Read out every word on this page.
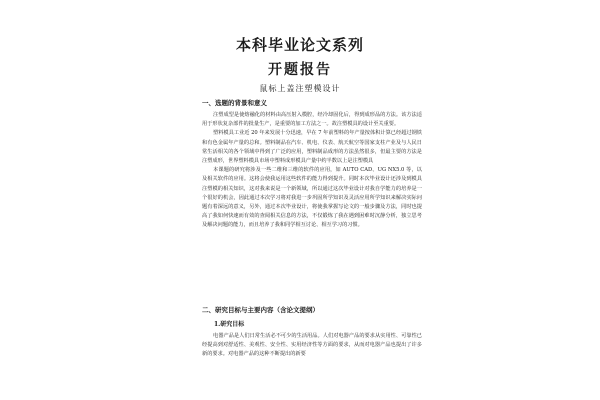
本科毕业论文系列
开题报告
鼠标上盖注塑模设计
一、选题的背景和意义

注塑成型是使熔融化的材料由高压射入模腔，经冷却固化后，得到成形品的方法。该方法适用于形状复杂部件的批量生产，是重要的加工方法之一。故注塑模具的设计至关重要。

塑料模具工业近 20 年来发展十分迅速，早在 7 年前塑料的年产量按体积计算已经超过钢铁和有色金属年产量的总和。塑料制品在汽车、机电、仪表、航天航空等国家支柱产业及与人民日常生活相关的各个领域中得到了广泛的应用，塑料制品成形的方法虽然很多，但最主要的方法是注塑成形，世界塑料模具市场中塑料成形模具产量中约半数以上是注塑模具

本课题的研究将涉及一些二维和三维的软件的应用，如 AUTO CAD、UG NX5.0 等，以及相关软件的应用。这将会使我运用这些软件的能力得到提升。同时本次毕业设计还涉及到模具注塑模的相关知识，这对我来说是一个新领域，所以通过这次毕业设计对我自学能力的培养是一个很好的机会，因此通过本次学习将对我进一步巩固所学知识及灵活应用所学知识来解决实际问题有着深远的意义，另外，通过本次毕业设计，将使我掌握写论文的一般步骤及方法，同时也提高了我如何快速而有效的查阅相关信息的方法，不仅锻炼了我在遇到困难时沉静分析，独立思考及解决问题的能力，而且培养了我和同学相互讨论、相互学习的习惯。

二、研究目标与主要内容（含论文提纲）
1.研究目标

电器产品是人们日常生活必不可少的生活用品。人们对电器产品的要求从实用性、可靠性已经提高到对舒适性、美观性、安全性、实用经济性等方面的要求，从而对电器产品也提出了许多新的要求。对电器产品的这种不断提出的新要
